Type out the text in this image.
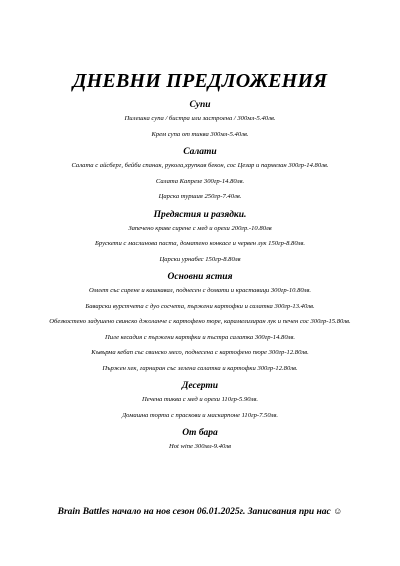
ДНЕВНИ ПРЕДЛОЖЕНИЯ
Супи
Пилешка супа / бистра или застроена / 300мл-5.40лв.
Крем супа от тиква 300мл-5.40лв.
Салати
Салата с айсберг, бейби спанак, рукола,хрупкав бекон, сос Цезар и пармезан 300гр-14.80лв.
Салата Капрезе 300гр-14.80лв.
Царска туршия 250гр-7.40лв.
Предястия и разядки.
Запечено краве сирене с мед и орехи 200гр.-10.80лв
Брускети с маслинова паста, доматено конкасе и червен лук 150гр-8.80лв.
Царски урнабес 150гр-8.80лв
Основни ястия
Омлет със сирене и кашкавал, поднесен с домати и краставици 300гр-10.80лв.
Баварски вурстчета с дуо сосчета, пържени картофки и салатка 300гр-13.40лв.
Обезкостено задушено свинско джоланче с картофено пюре, карамелизиран лук и печен сос 300гр-15.80лв.
Пиле кесадия с пържени картфки и пъстра салатка 300гр-14.80лв.
Къвърма кебап със свинско месо, поднесена с картофено пюре 300гр-12.80лв.
Пържен хек, гарниран със зелена салатка и картофки 300гр-12.80лв.
Десерти
Печена тиква с мед и орехи 110гр-5.90лв.
Домашна торта с праскови и маскарпоне 110гр-7.50лв.
От бара
Hot wine 300мл-9.40лв
Brain Battles начало на нов сезон 06.01.2025г. Записвания при нас ☺
